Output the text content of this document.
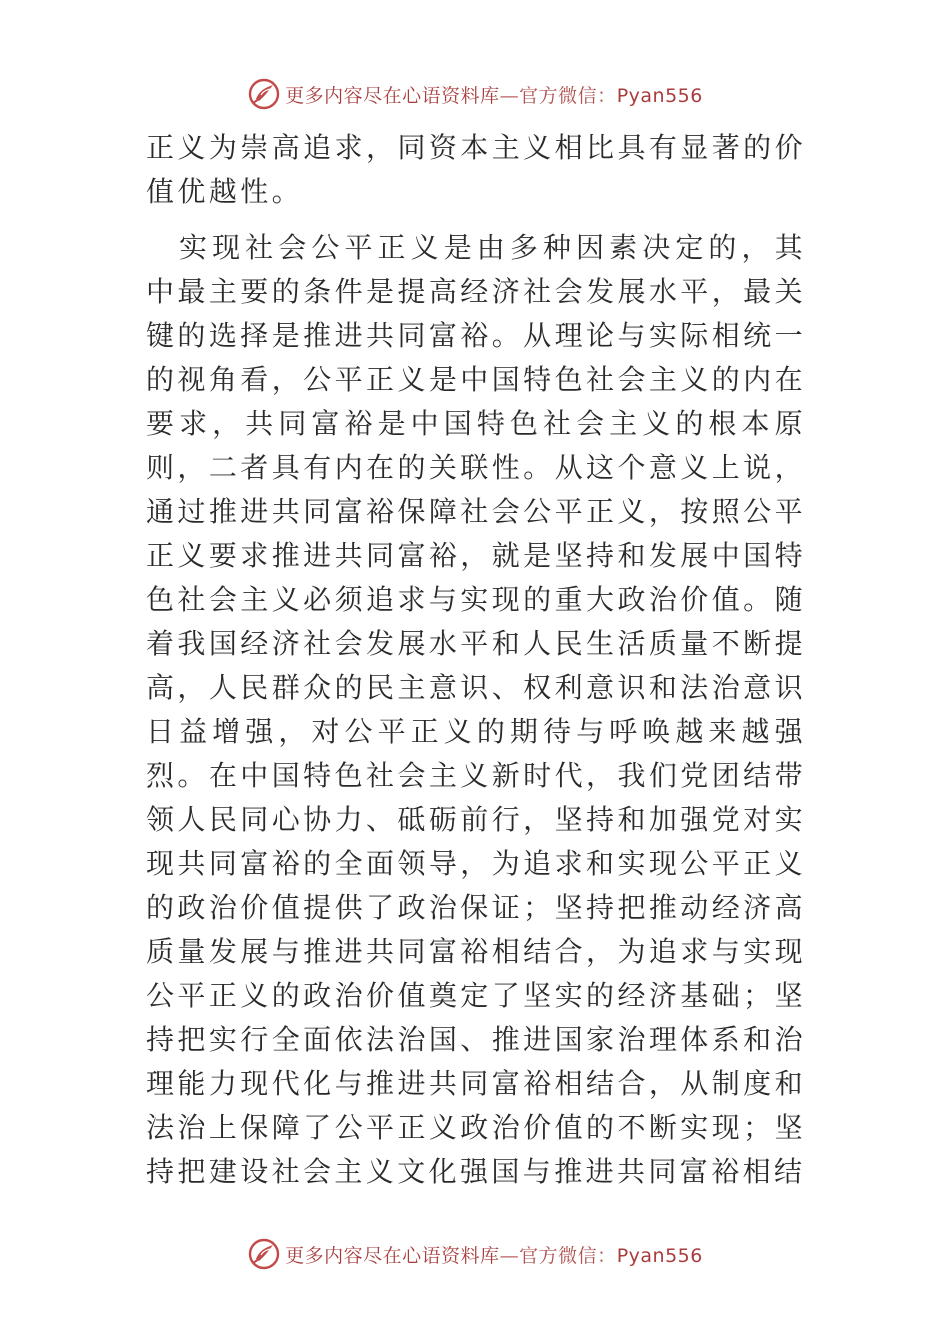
更多内容尽在心语资料库—官方微信：Pyan556

正义为崇高追求，同资本主义相比具有显著的价值优越性。

实现社会公平正义是由多种因素决定的，其中最主要的条件是提高经济社会发展水平，最关键的选择是推进共同富裕。从理论与实际相统一的视角看，公平正义是中国特色社会主义的内在要求，共同富裕是中国特色社会主义的根本原则，二者具有内在的关联性。从这个意义上说，通过推进共同富裕保障社会公平正义，按照公平正义要求推进共同富裕，就是坚持和发展中国特色社会主义必须追求与实现的重大政治价值。随着我国经济社会发展水平和人民生活质量不断提高，人民群众的民主意识、权利意识和法治意识日益增强，对公平正义的期待与呼唤越来越强烈。在中国特色社会主义新时代，我们党团结带领人民同心协力、砥砺前行，坚持和加强党对实现共同富裕的全面领导，为追求和实现公平正义的政治价值提供了政治保证；坚持把推动经济高质量发展与推进共同富裕相结合，为追求与实现公平正义的政治价值奠定了坚实的经济基础；坚持把实行全面依法治国、推进国家治理体系和治理能力现代化与推进共同富裕相结合，从制度和法治上保障了公平正义政治价值的不断实现；坚持把建设社会主义文化强国与推进共同富裕相结

更多内容尽在心语资料库—官方微信：Pyan556
